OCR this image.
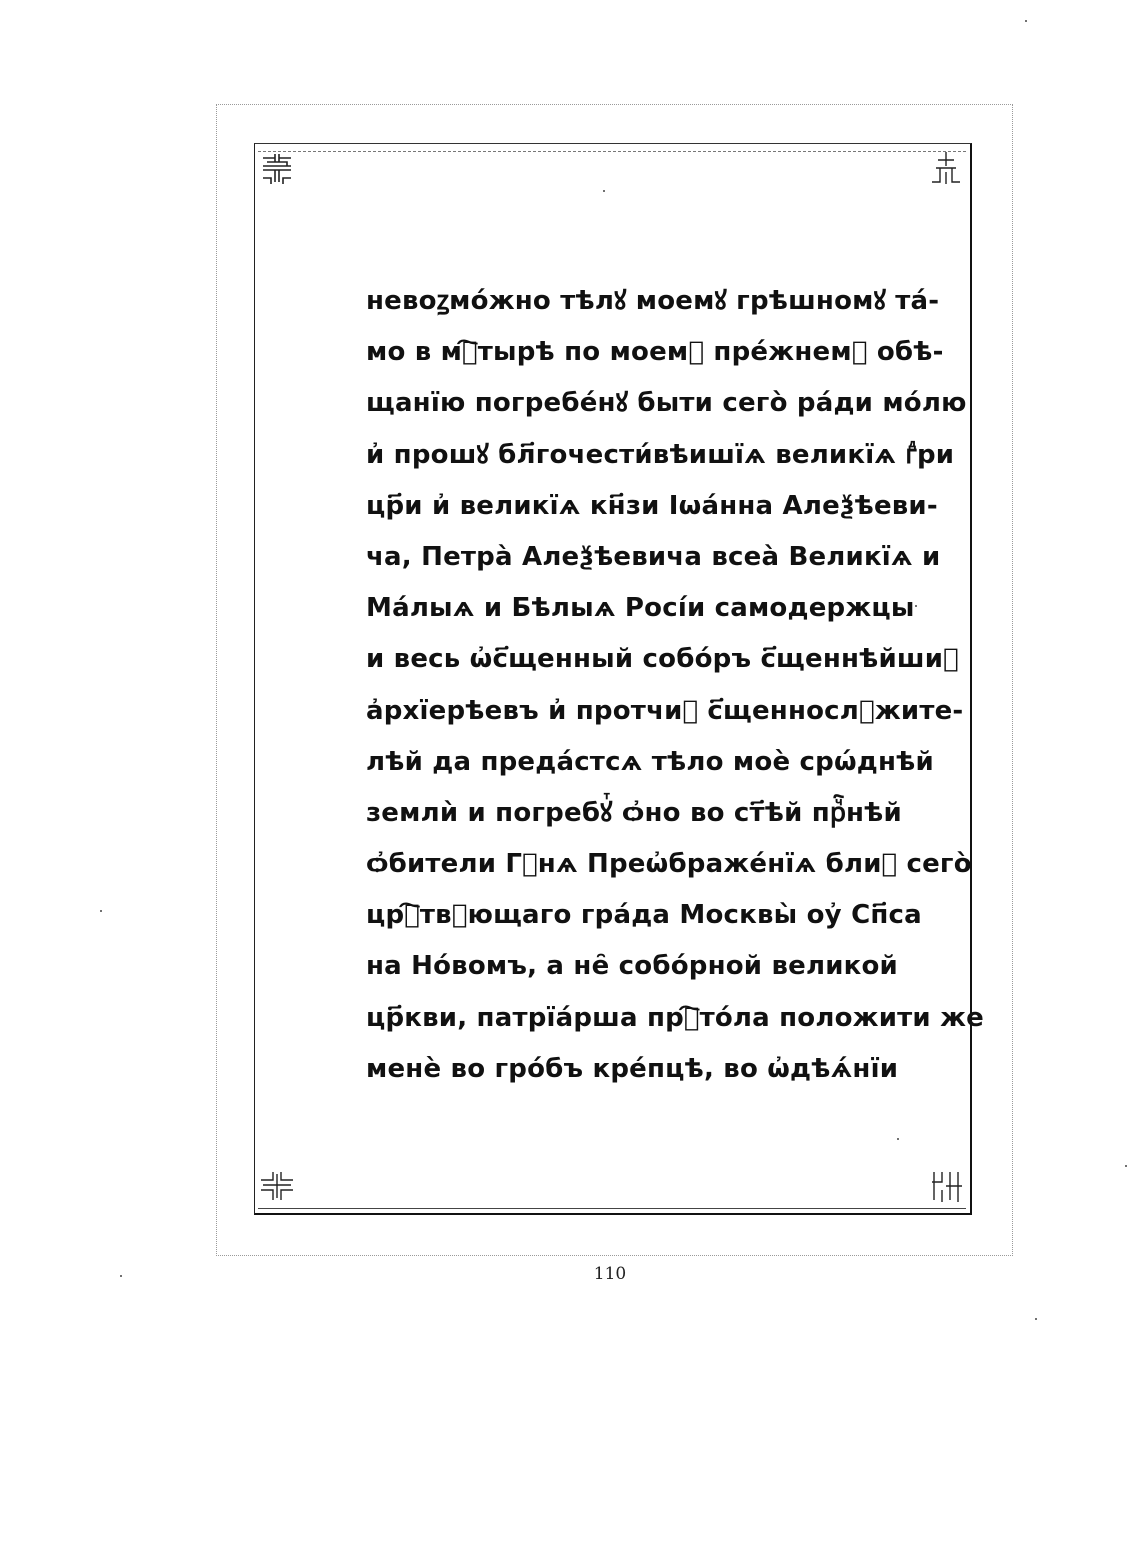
невоꙁмо́жно тѣлꙋ моемꙋ грѣшномꙋ та́-
мо в мⷩ҇тырѣ по моемꙋ пре́жнемꙋ обѣ-
щанїю погребе́нꙋ быти сего̀ ра́ди мо́лю
и҆ прошꙋ бл҃гочести́вѣишїѧ великїѧ гⷣри
цр҃и и҆ великїѧ кн҃зи Іѡа́нна Алеѯѣеви-
ча, Петра̀ Алеѯѣевича всеа̀ Великїѧ и
Ма́лыѧ и Бѣлыѧ Росі́и самодержцы
и весь ѡ҆с҃щенный собо́ръ с҃щеннѣйшиⷯ
а҆рхїерѣевъ и҆ протчиⷯ с҃щеннослꙋжите-
лѣй да преда́стсѧ тѣло моѐ срѡ́днѣй
землѝ и погребꙋⷮ ѻ҆но во ст҃ѣй прⷱ҇нѣй
ѻ҆бители Гⷣнѧ Преѡ҆браже́нїѧ блиⷥ сего̀
црⷭ҇твꙋющаго гра́да Москвы̀ оу҆ Сп҃са
на Но́вомъ, а не̑ собо́рной великой
цр҃кви, патрїа́рша прⷭ҇то́ла положити же
менѐ во гро́бъ кре́пцѣ, во ѡ҆дѣѧ́нїи
110
